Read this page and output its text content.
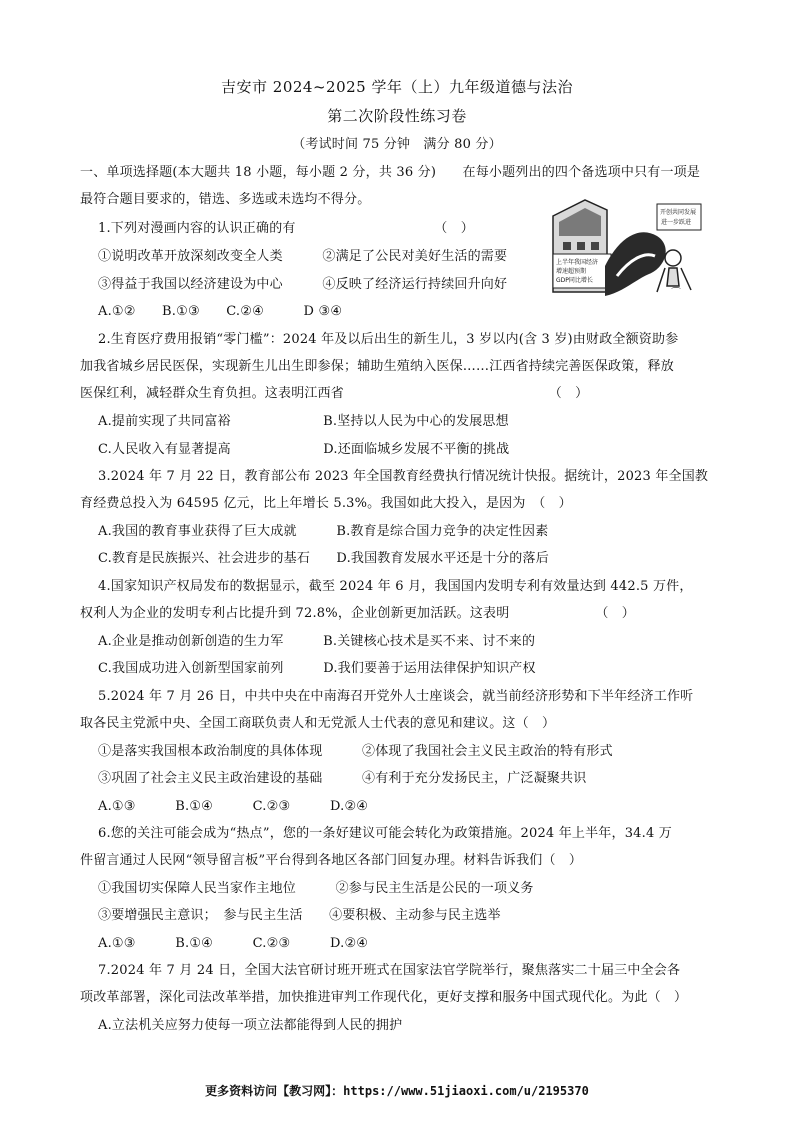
吉安市 2024~2025 学年（上）九年级道德与法治
第二次阶段性练习卷
（考试时间 75 分钟　满分 80 分）
一、单项选择题(本大题共 18 小题，每小题 2 分，共 36 分)　　在每小题列出的四个备选项中只有一项是
最符合题目要求的，错选、多选或未选均不得分。
1.下列对漫画内容的认识正确的有　　　　　　　　　　　（　）
①说明改革开放深刻改变全人类　　　②满足了公民对美好生活的需要
③得益于我国以经济建设为中心　　　④反映了经济运行持续回升向好
A.①②　　B.①③　　C.②④　　　D ③④
上半年我国经济
增速超预期
GDP同比增长
⌒
开创共同发展
进一步跃进
2.生育医疗费用报销“零门槛”：2024 年及以后出生的新生儿，3 岁以内(含 3 岁)由财政全额资助参
加我省城乡居民医保，实现新生儿出生即参保；辅助生殖纳入医保……江西省持续完善医保政策，释放
医保红利，减轻群众生育负担。这表明江西省　　　　　　　　　　　　　　　　（　）
A.提前实现了共同富裕　　　　　　　B.坚持以人民为中心的发展思想
C.人民收入有显著提高　　　　　　　D.还面临城乡发展不平衡的挑战
3.2024 年 7 月 22 日，教育部公布 2023 年全国教育经费执行情况统计快报。据统计，2023 年全国教
育经费总投入为 64595 亿元，比上年增长 5.3%。我国如此大投入，是因为　（　）
A.我国的教育事业获得了巨大成就　　　B.教育是综合国力竞争的决定性因素
C.教育是民族振兴、社会进步的基石　　D.我国教育发展水平还是十分的落后
4.国家知识产权局发布的数据显示，截至 2024 年 6 月，我国国内发明专利有效量达到 442.5 万件，
权利人为企业的发明专利占比提升到 72.8%，企业创新更加活跃。这表明　　　　　　　（　）
A.企业是推动创新创造的生力军　　　B.关键核心技术是买不来、讨不来的
C.我国成功进入创新型国家前列　　　D.我们要善于运用法律保护知识产权
5.2024 年 7 月 26 日，中共中央在中南海召开党外人士座谈会，就当前经济形势和下半年经济工作听
取各民主党派中央、全国工商联负责人和无党派人士代表的意见和建议。这（　）
①是落实我国根本政治制度的具体体现　　　②体现了我国社会主义民主政治的特有形式
③巩固了社会主义民主政治建设的基础　　　④有利于充分发扬民主，广泛凝聚共识
A.①③　　　B.①④　　　C.②③　　　D.②④
6.您的关注可能会成为“热点”，您的一条好建议可能会转化为政策措施。2024 年上半年，34.4 万
件留言通过人民网“领导留言板”平台得到各地区各部门回复办理。材料告诉我们（　）
①我国切实保障人民当家作主地位　　　②参与民主生活是公民的一项义务
③要增强民主意识；　参与民主生活　　④要积极、主动参与民主选举
A.①③　　　B.①④　　　C.②③　　　D.②④
7.2024 年 7 月 24 日，全国大法官研讨班开班式在国家法官学院举行，聚焦落实二十届三中全会各
项改革部署，深化司法改革举措，加快推进审判工作现代化，更好支撑和服务中国式现代化。为此（　）
A.立法机关应努力使每一项立法都能得到人民的拥护
更多资料访问【教习网】：https://www.51jiaoxi.com/u/2195370
